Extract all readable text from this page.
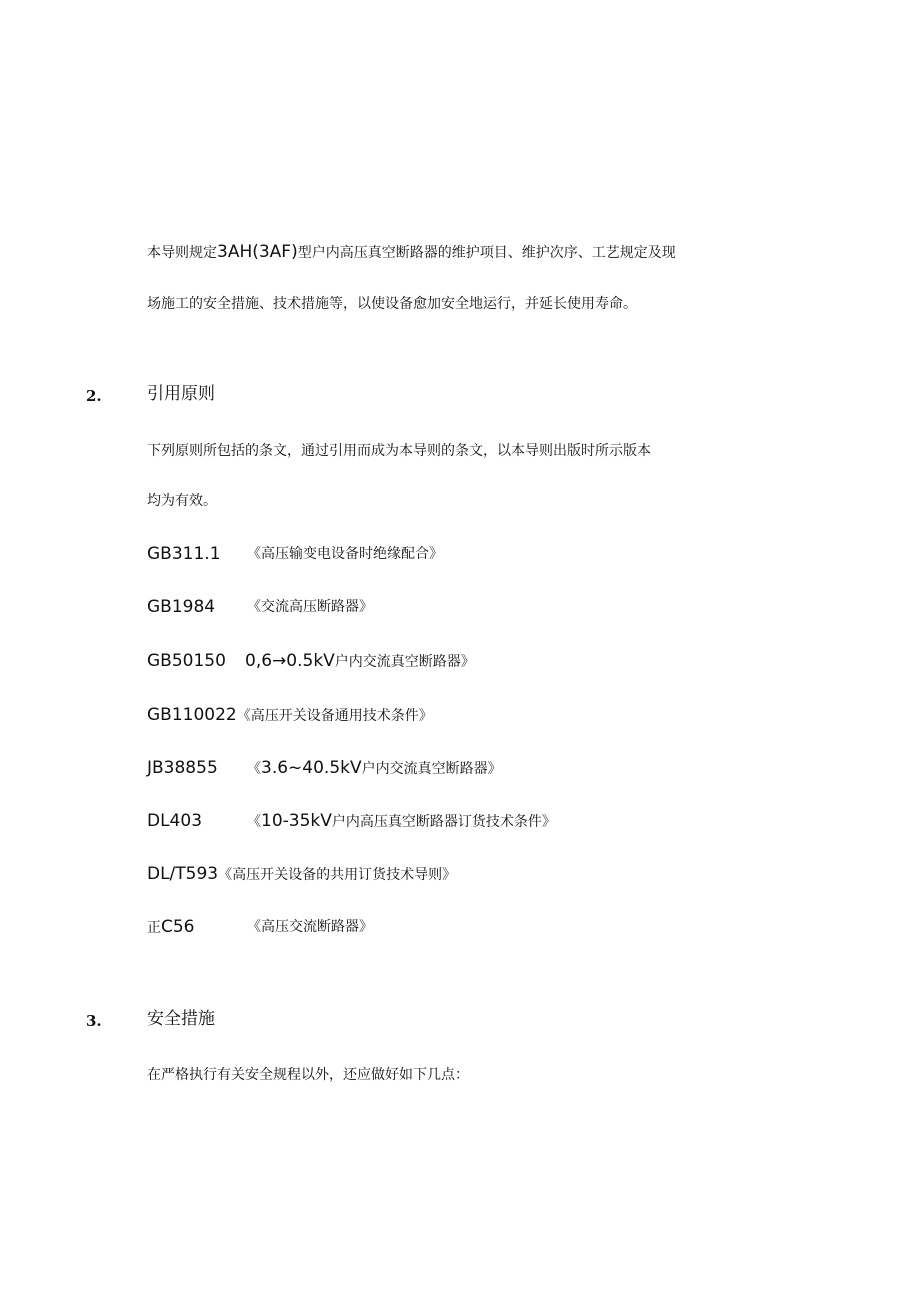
本导则规定3AH(3AF)型户内高压真空断路器的维护项目、维护次序、工艺规定及现
场施工的安全措施、技术措施等，以使设备愈加安全地运行，并延长使用寿命。
2.	引用原则
下列原则所包括的条文，通过引用而成为本导则的条文，以本导则出版时所示版本
均为有效。
GB311.1 《高压输变电设备时绝缘配合》
GB1984 《交流高压断路器》
GB50150 0,6→0.5kV户内交流真空断路器》
GB110022《高压开关设备通用技术条件》
JB38855 《3.6~40.5kV户内交流真空断路器》
DL403	《10-35kV户内高压真空断路器订货技术条件》
DL/T593《高压开关设备的共用订货技术导则》
正C56	《高压交流断路器》
3.	安全措施
在严格执行有关安全规程以外，还应做好如下几点：
